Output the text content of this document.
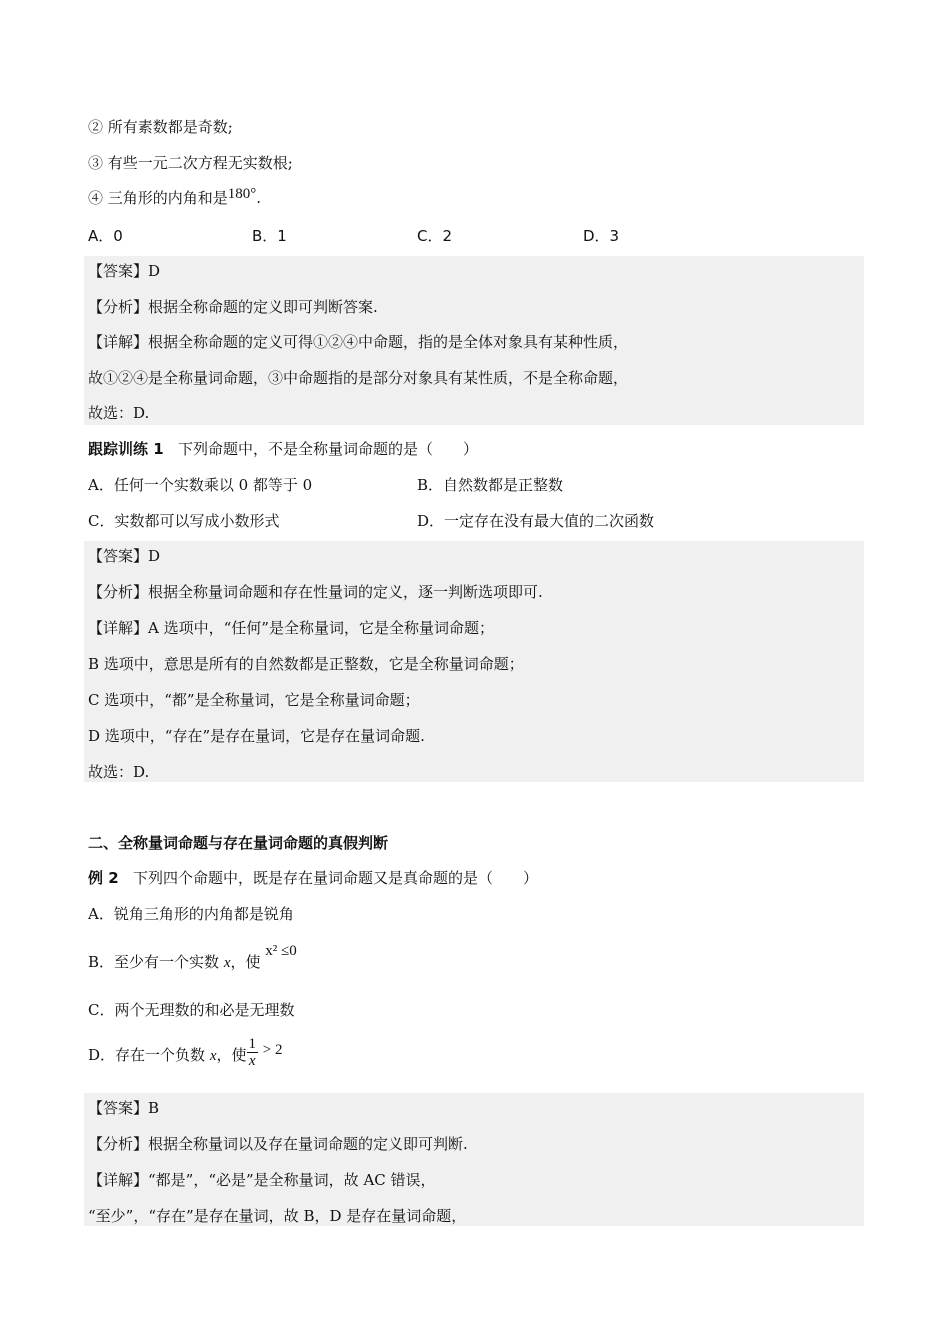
② 所有素数都是奇数;
③ 有些一元二次方程无实数根;
④ 三角形的内角和是180°.
A．0	B．1	C．2	D．3
【答案】D
【分析】根据全称命题的定义即可判断答案.
【详解】根据全称命题的定义可得①②④中命题，指的是全体对象具有某种性质，
故①②④是全称量词命题，③中命题指的是部分对象具有某性质，不是全称命题，
故选：D.
跟踪训练 1 下列命题中，不是全称量词命题的是（　　）
A．任何一个实数乘以 0 都等于 0	B．自然数都是正整数
C．实数都可以写成小数形式	D．一定存在没有最大值的二次函数
【答案】D
【分析】根据全称量词命题和存在性量词的定义，逐一判断选项即可.
【详解】A 选项中，“任何”是全称量词，它是全称量词命题；
B 选项中，意思是所有的自然数都是正整数，它是全称量词命题；
C 选项中，“都”是全称量词，它是全称量词命题；
D 选项中，“存在”是存在量词，它是存在量词命题.
故选：D.
二、全称量词命题与存在量词命题的真假判断
例 2 下列四个命题中，既是存在量词命题又是真命题的是（　　）
A．锐角三角形的内角都是锐角
B．至少有一个实数 x，使 x² ≤0
C．两个无理数的和必是无理数
D．存在一个负数 x，使 $\frac{1}{x} > 2$
【答案】B
【分析】根据全称量词以及存在量词命题的定义即可判断.
【详解】“都是”，“必是”是全称量词，故 AC 错误，
“至少”，“存在”是存在量词，故 B，D 是存在量词命题，
